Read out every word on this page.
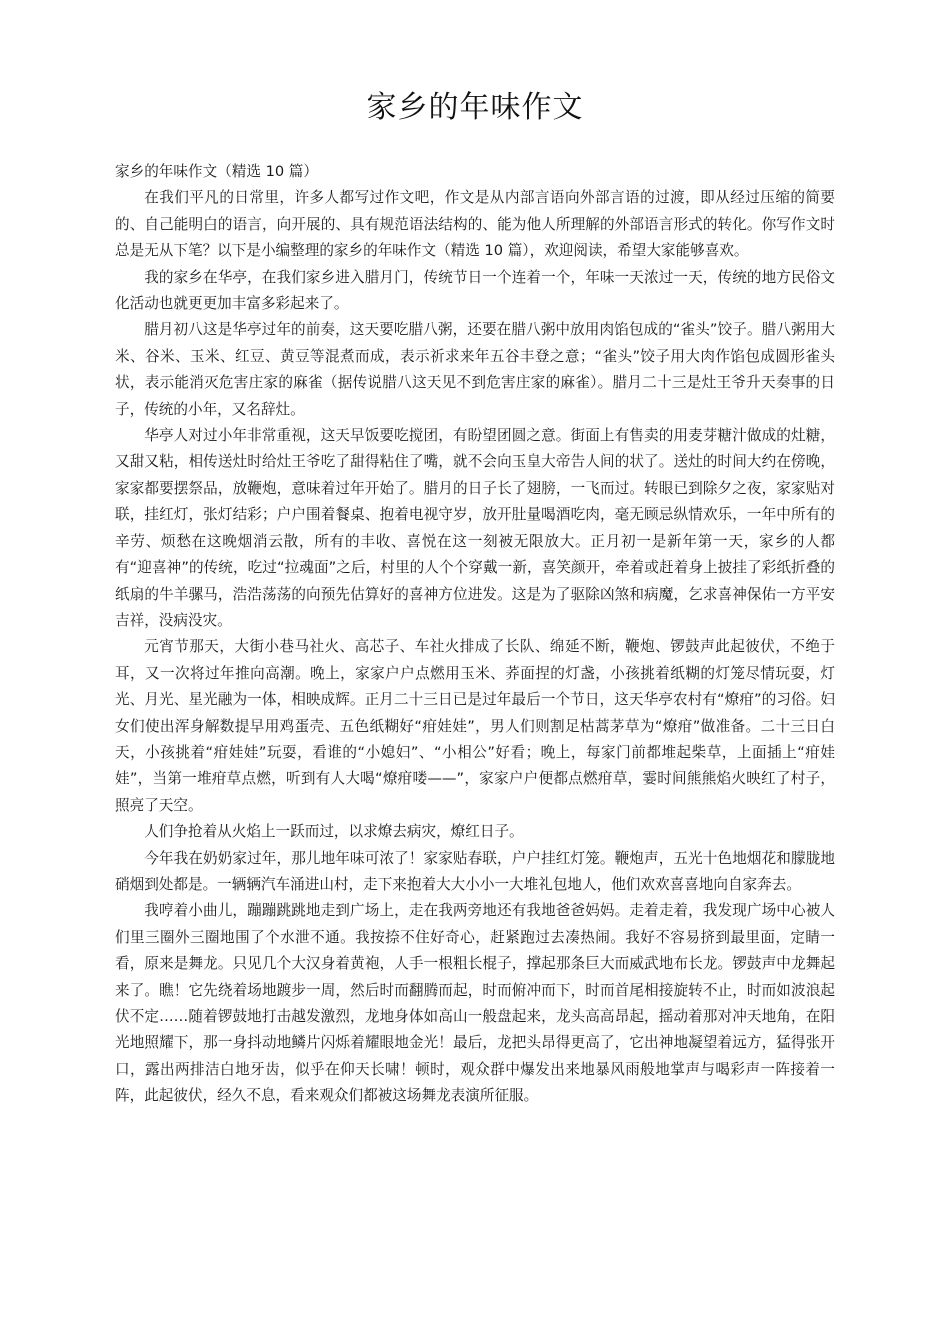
家乡的年味作文

家乡的年味作文（精选 10 篇）

在我们平凡的日常里，许多人都写过作文吧，作文是从内部言语向外部言语的过渡，即从经过压缩的简要的、自己能明白的语言，向开展的、具有规范语法结构的、能为他人所理解的外部语言形式的转化。你写作文时总是无从下笔？以下是小编整理的家乡的年味作文（精选 10 篇），欢迎阅读，希望大家能够喜欢。

我的家乡在华亭，在我们家乡进入腊月门，传统节日一个连着一个，年味一天浓过一天，传统的地方民俗文化活动也就更更加丰富多彩起来了。

腊月初八这是华亭过年的前奏，这天要吃腊八粥，还要在腊八粥中放用肉馅包成的“雀头”饺子。腊八粥用大米、谷米、玉米、红豆、黄豆等混煮而成，表示祈求来年五谷丰登之意；“雀头”饺子用大肉作馅包成圆形雀头状，表示能消灭危害庄家的麻雀（据传说腊八这天见不到危害庄家的麻雀）。腊月二十三是灶王爷升天奏事的日子，传统的小年，又名辞灶。

华亭人对过小年非常重视，这天早饭要吃搅团，有盼望团圆之意。街面上有售卖的用麦芽糖汁做成的灶糖，又甜又粘，相传送灶时给灶王爷吃了甜得粘住了嘴，就不会向玉皇大帝告人间的状了。送灶的时间大约在傍晚，家家都要摆祭品，放鞭炮，意味着过年开始了。腊月的日子长了翅膀，一飞而过。转眼已到除夕之夜，家家贴对联，挂红灯，张灯结彩；户户围着餐桌、抱着电视守岁，放开肚量喝酒吃肉，毫无顾忌纵情欢乐，一年中所有的辛劳、烦愁在这晚烟消云散，所有的丰收、喜悦在这一刻被无限放大。正月初一是新年第一天，家乡的人都有“迎喜神”的传统，吃过“拉魂面”之后，村里的人个个穿戴一新，喜笑颜开，牵着或赶着身上披挂了彩纸折叠的纸扇的牛羊骡马，浩浩荡荡的向预先估算好的喜神方位进发。这是为了驱除凶煞和病魔，乞求喜神保佑一方平安吉祥，没病没灾。

元宵节那天，大街小巷马社火、高芯子、车社火排成了长队、绵延不断，鞭炮、锣鼓声此起彼伏，不绝于耳，又一次将过年推向高潮。晚上，家家户户点燃用玉米、荞面捏的灯盏，小孩挑着纸糊的灯笼尽情玩耍，灯光、月光、星光融为一体，相映成辉。正月二十三日已是过年最后一个节日，这天华亭农村有“燎疳”的习俗。妇女们使出浑身解数提早用鸡蛋壳、五色纸糊好“疳娃娃”，男人们则割足枯蒿茅草为“燎疳”做准备。二十三日白天，小孩挑着“疳娃娃”玩耍，看谁的“小媳妇”、“小相公”好看；晚上，每家门前都堆起柴草，上面插上“疳娃娃”，当第一堆疳草点燃，听到有人大喝“燎疳喽——”，家家户户便都点燃疳草，霎时间熊熊焰火映红了村子，照亮了天空。

人们争抢着从火焰上一跃而过，以求燎去病灾，燎红日子。

今年我在奶奶家过年，那儿地年味可浓了！家家贴春联，户户挂红灯笼。鞭炮声，五光十色地烟花和朦胧地硝烟到处都是。一辆辆汽车涌进山村，走下来抱着大大小小一大堆礼包地人，他们欢欢喜喜地向自家奔去。

我哼着小曲儿，蹦蹦跳跳地走到广场上，走在我两旁地还有我地爸爸妈妈。走着走着，我发现广场中心被人们里三圈外三圈地围了个水泄不通。我按捺不住好奇心，赶紧跑过去凑热闹。我好不容易挤到最里面，定睛一看，原来是舞龙。只见几个大汉身着黄袍，人手一根粗长棍子，撑起那条巨大而威武地布长龙。锣鼓声中龙舞起来了。瞧！它先绕着场地踱步一周，然后时而翻腾而起，时而俯冲而下，时而首尾相接旋转不止，时而如波浪起伏不定……随着锣鼓地打击越发激烈，龙地身体如高山一般盘起来，龙头高高昂起，摇动着那对冲天地角，在阳光地照耀下，那一身抖动地鳞片闪烁着耀眼地金光！最后，龙把头昂得更高了，它出神地凝望着远方，猛得张开口，露出两排洁白地牙齿，似乎在仰天长啸！顿时，观众群中爆发出来地暴风雨般地掌声与喝彩声一阵接着一阵，此起彼伏，经久不息，看来观众们都被这场舞龙表演所征服。
